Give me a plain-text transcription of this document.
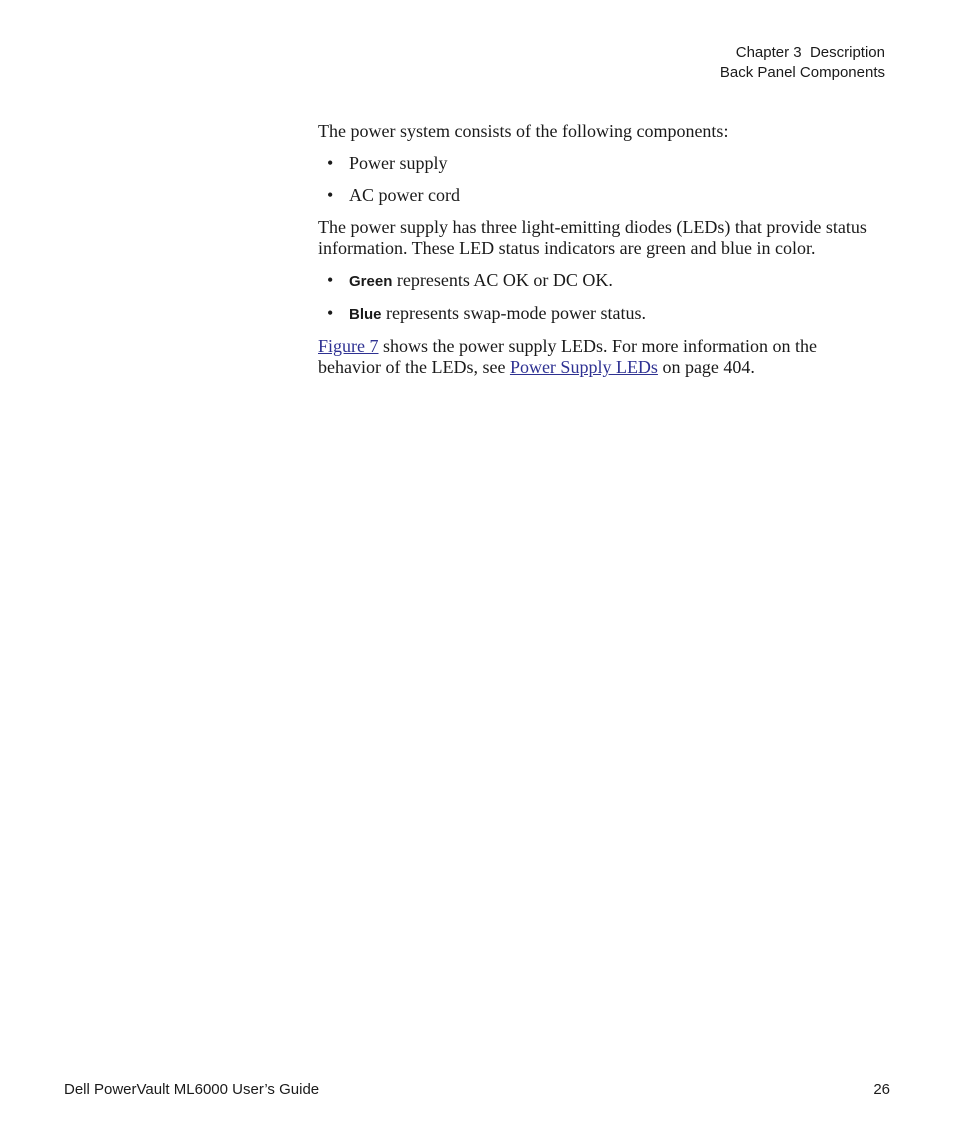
Chapter 3  Description
Back Panel Components

The power system consists of the following components:

• Power supply
• AC power cord

The power supply has three light-emitting diodes (LEDs) that provide status information. These LED status indicators are green and blue in color.

• Green represents AC OK or DC OK.
• Blue represents swap-mode power status.

Figure 7 shows the power supply LEDs. For more information on the behavior of the LEDs, see Power Supply LEDs on page 404.

Dell PowerVault ML6000 User’s Guide	26
